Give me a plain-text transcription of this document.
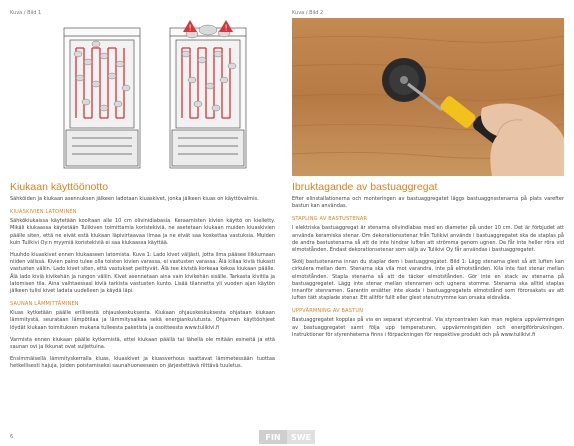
Kuva / Bild 1
!	!
Kuva / Bild 2
Kiukaan käyttöönotto

Sähköiden ja kiukaan asennuksen jälkeen ladotaan kiuaskivet, jonka jälkeen kiuas on käyttövalmis.

KIUASKIVIEN LATOMINEN

Sähkökiukaissa käytetään kooltaan alle 10 cm olivinidiabasia. Keraamisten kivien käyttö on kielletty. Mikäli kiukaassa käytetään Tulikiven toimittamia koristekiviä, ne asetetaan kiukaan muiden kiuaskivien päälle siten, että ne eivät estä kiukaan läpivirtaavaa ilmaa ja ne eivät saa koskettaa vastuksia. Muiden kuin Tulikivi Oy:n myymiä koristekiviä ei saa kiukaassa käyttää.

Huuhdo kiuaskivet ennen kiukaaseen latomista. Kuva 1: Lado kivet väljästi, jotta ilma pääsee liikkumaan niiden välissä. Kivien paino tulee olla toisten kivien varassa, ei vastusten varassa. Älä kiilaa kiviä tiukasti vastusten väliin. Lado kivet siten, että vastukset peittyvät. Älä tee kivistä korkeaa kekoa kiukaan päälle. Älä lado kiviä kivikehän ja rungon väliin. Kivet asennetaan aina vain kivikehän sisälle. Tarkasta kivitila ja latomisen tila. Aina vaihtaessasi kiviä tarkista vastusten kunto. Lisää tilannetta yli vuoden ajan käytön jälkeen tulisi kivet ladata uudelleen ja käydä läpi.

SAUNAN LÄMMITTÄMINEN

Kiuas kytketään päälle erillisestä ohjauskeskuksesta. Kiukaan ohjauskeskuksesta ohjataan kiukaan lämmitystä, seurataan lämpötilaa ja lämmitysaikaa sekä energiankulutusta. Ohjaimen käyttöohjeet löydät kiukaan toimituksen mukana tulleesta paketista ja osoitteesta www.tulikivi.fi

Varmista ennen kiukaan päälle kytkemistä, ettei kiukaan päällä tai lähellä ole mitään esineitä ja että saunan ovi ja ikkunat ovat suljettuina.

Ensimmäisellä lämmityskerralla kiuas, kiuaskivet ja kiuasverhous saattavat lämmetessään tuottaa hetkellisesti hajuja, joiden poistamiseksi saunahuoneeseen on järjestettävä riittävä tuuletus.

Ibruktagande av bastuaggregat

Efter elinstallationerna och monteringen av bastuaggregatet läggs bastuaggnsstenarna på plats varefter bastun kan användas.

STAPLING AV BASTUSTENAR

I elektriska bastuaggregat är stenarna olivindiabas med en diameter på under 10 cm. Det är förbjudet att använda keramiska stenar. Om dekorationsstenar från Tulikivi används i bastuaggregatet ska de staplas på de andra bastustenarna så att de inte hindrar luften att strömma genom ugnen. De får inte heller röra vid elmotstånden. Endast dekorationsstenar som säljs av Tulikivi Oy får användas i bastuaggregatet.

Skölj bastustenarna innan du staplar dem i bastuaggregatet. Bild 1: Lägg stenarna glest så att luften kan cirkulera mellan dem. Stenarna ska vila mot varandra, inte på elmotstånden. Kila inte fast stenar mellan elmotstånden. Stapla stenarna så att de täcker elmotstånden. Gör inte en stack av stenarna på bastuaggregatet. Lägg inte stenar mellan stenramen och ugnens stomme. Stenarna ska alltid staplas innanför stenramen. Garantin ersätter inte skada i bastuaggregatets elmotstånd som förorsakats av att luften tätt staplade stenar. Ett alltför fullt eller glest stenutrymme kan orsaka eldsvåda.

UPPVÄRMNING AV BASTUN

Bastuaggregatet kopplas på via en separat styrcentral. Via styrcentralen kan man reglera uppvärmningen av bastuaggregatet samt följa upp temperaturen, uppvärmningstiden och energiförbrukningen. Instruktioner för styrenheterna finns i förpackningen för respektive produkt och på www.tulikivi.fi

6	FIN	SWE
